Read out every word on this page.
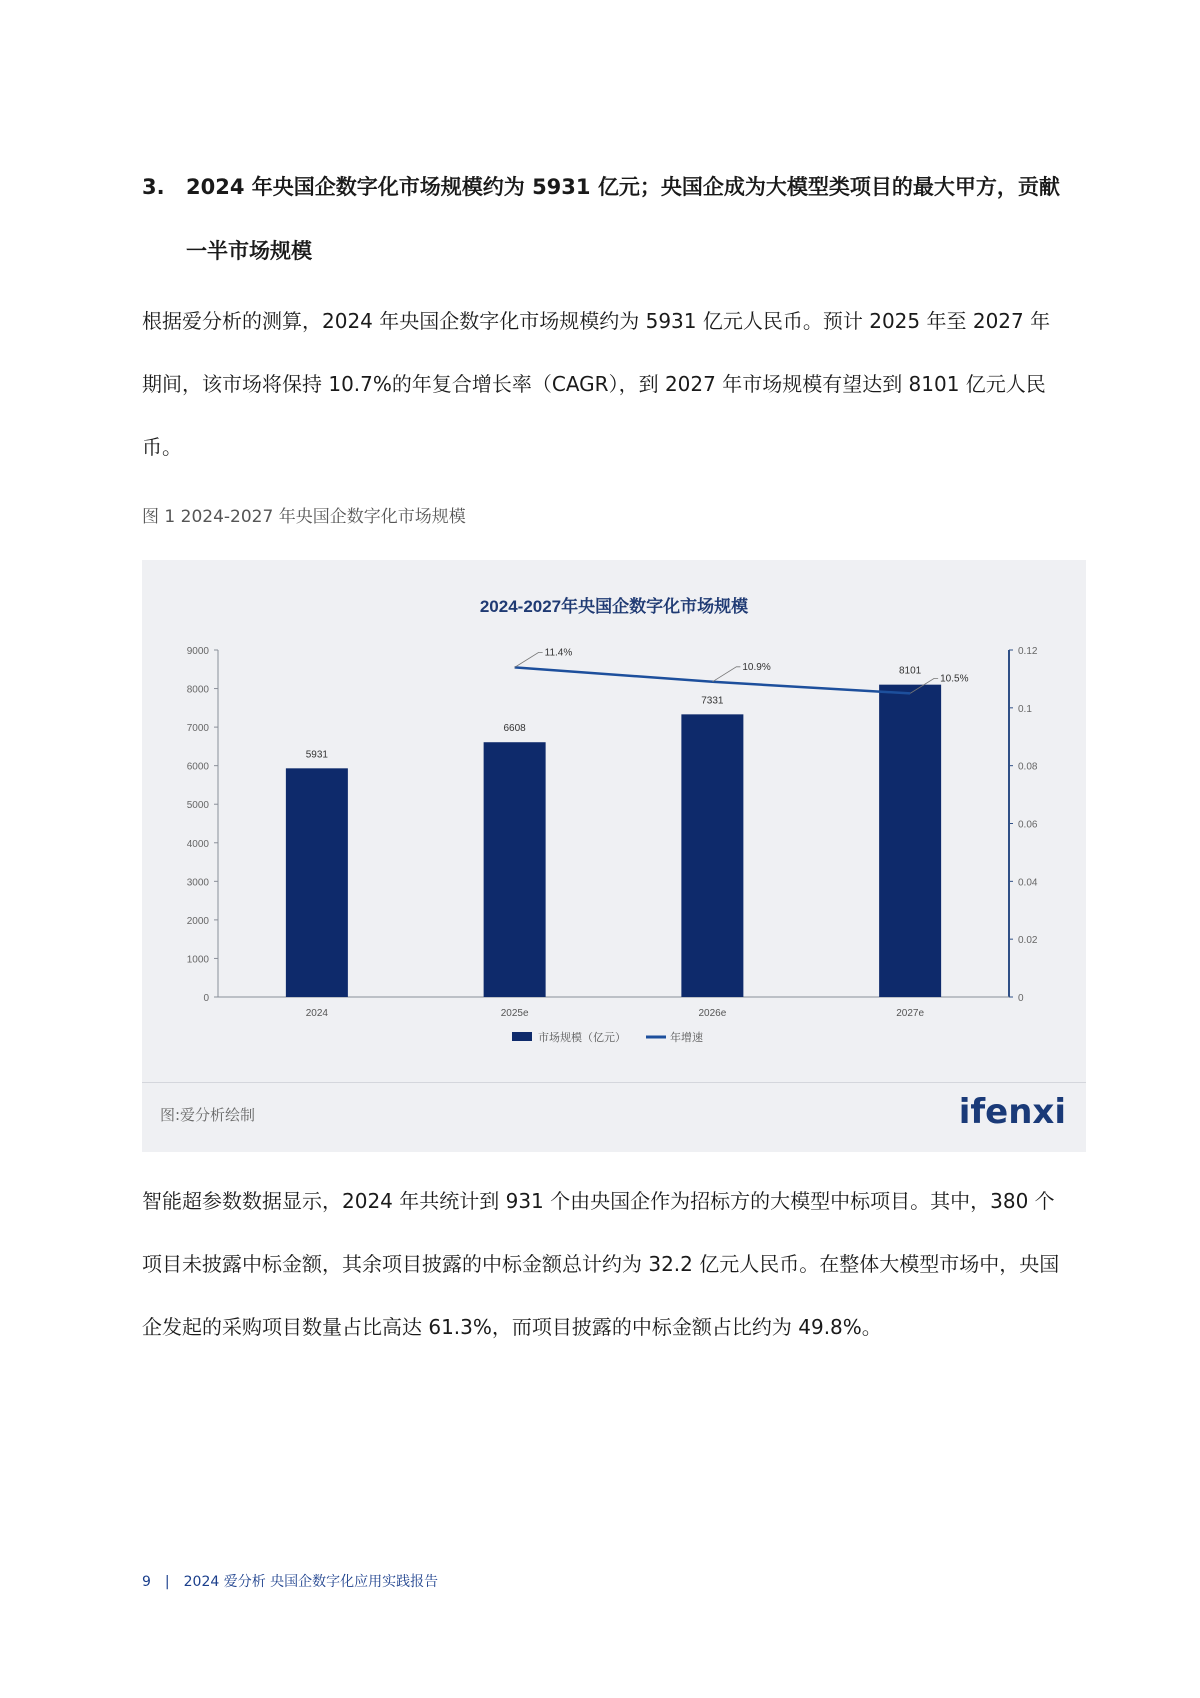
3.	2024 年央国企数字化市场规模约为 5931 亿元；央国企成为大模型类项目的最大甲方，贡献一半市场规模
根据爱分析的测算，2024 年央国企数字化市场规模约为 5931 亿元人民币。预计 2025 年至 2027 年期间，该市场将保持 10.7%的年复合增长率（CAGR），到 2027 年市场规模有望达到 8101 亿元人民币。
图 1 2024-2027 年央国企数字化市场规模
2024-2027年央国企数字化市场规模
0
1000
2000
3000
4000
5000
6000
7000
8000
9000
0
0.02
0.04
0.06
0.08
0.1
0.12
5931
6608
7331
8101
2024	2025e	2026e	2027e
11.4%
10.9%
10.5%
市场规模（亿元）	年增速
图:爱分析绘制	ifenxi
智能超参数数据显示，2024 年共统计到 931 个由央国企作为招标方的大模型中标项目。其中，380 个项目未披露中标金额，其余项目披露的中标金额总计约为 32.2 亿元人民币。在整体大模型市场中，央国企发起的采购项目数量占比高达 61.3%，而项目披露的中标金额占比约为 49.8%。
9 | 2024 爱分析 央国企数字化应用实践报告
